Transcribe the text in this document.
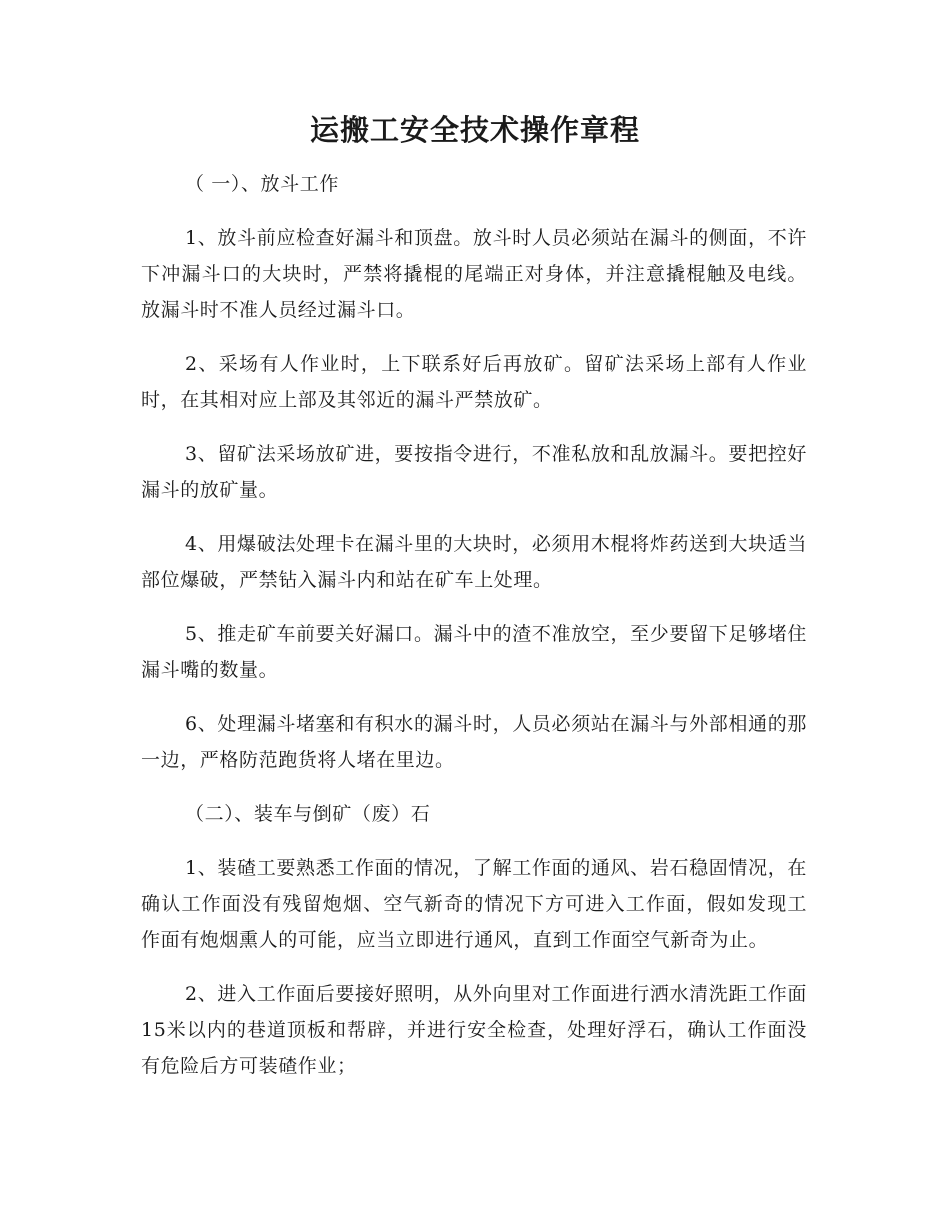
运搬工安全技术操作章程

（ 一）、放斗工作

1、放斗前应检查好漏斗和顶盘。放斗时人员必须站在漏斗的侧面，不许下冲漏斗口的大块时，严禁将撬棍的尾端正对身体，并注意撬棍触及电线。放漏斗时不准人员经过漏斗口。

2、采场有人作业时，上下联系好后再放矿。留矿法采场上部有人作业时，在其相对应上部及其邻近的漏斗严禁放矿。

3、留矿法采场放矿进，要按指令进行，不准私放和乱放漏斗。要把控好漏斗的放矿量。

4、用爆破法处理卡在漏斗里的大块时，必须用木棍将炸药送到大块适当部位爆破，严禁钻入漏斗内和站在矿车上处理。

5、推走矿车前要关好漏口。漏斗中的渣不准放空，至少要留下足够堵住漏斗嘴的数量。

6、处理漏斗堵塞和有积水的漏斗时，人员必须站在漏斗与外部相通的那一边，严格防范跑货将人堵在里边。

（二）、装车与倒矿（废）石

1、装碴工要熟悉工作面的情况，了解工作面的通风、岩石稳固情况，在确认工作面没有残留炮烟、空气新奇的情况下方可进入工作面，假如发现工作面有炮烟熏人的可能，应当立即进行通风，直到工作面空气新奇为止。

2、进入工作面后要接好照明，从外向里对工作面进行洒水清洗距工作面15米以内的巷道顶板和帮辟，并进行安全检查，处理好浮石，确认工作面没有危险后方可装碴作业；
